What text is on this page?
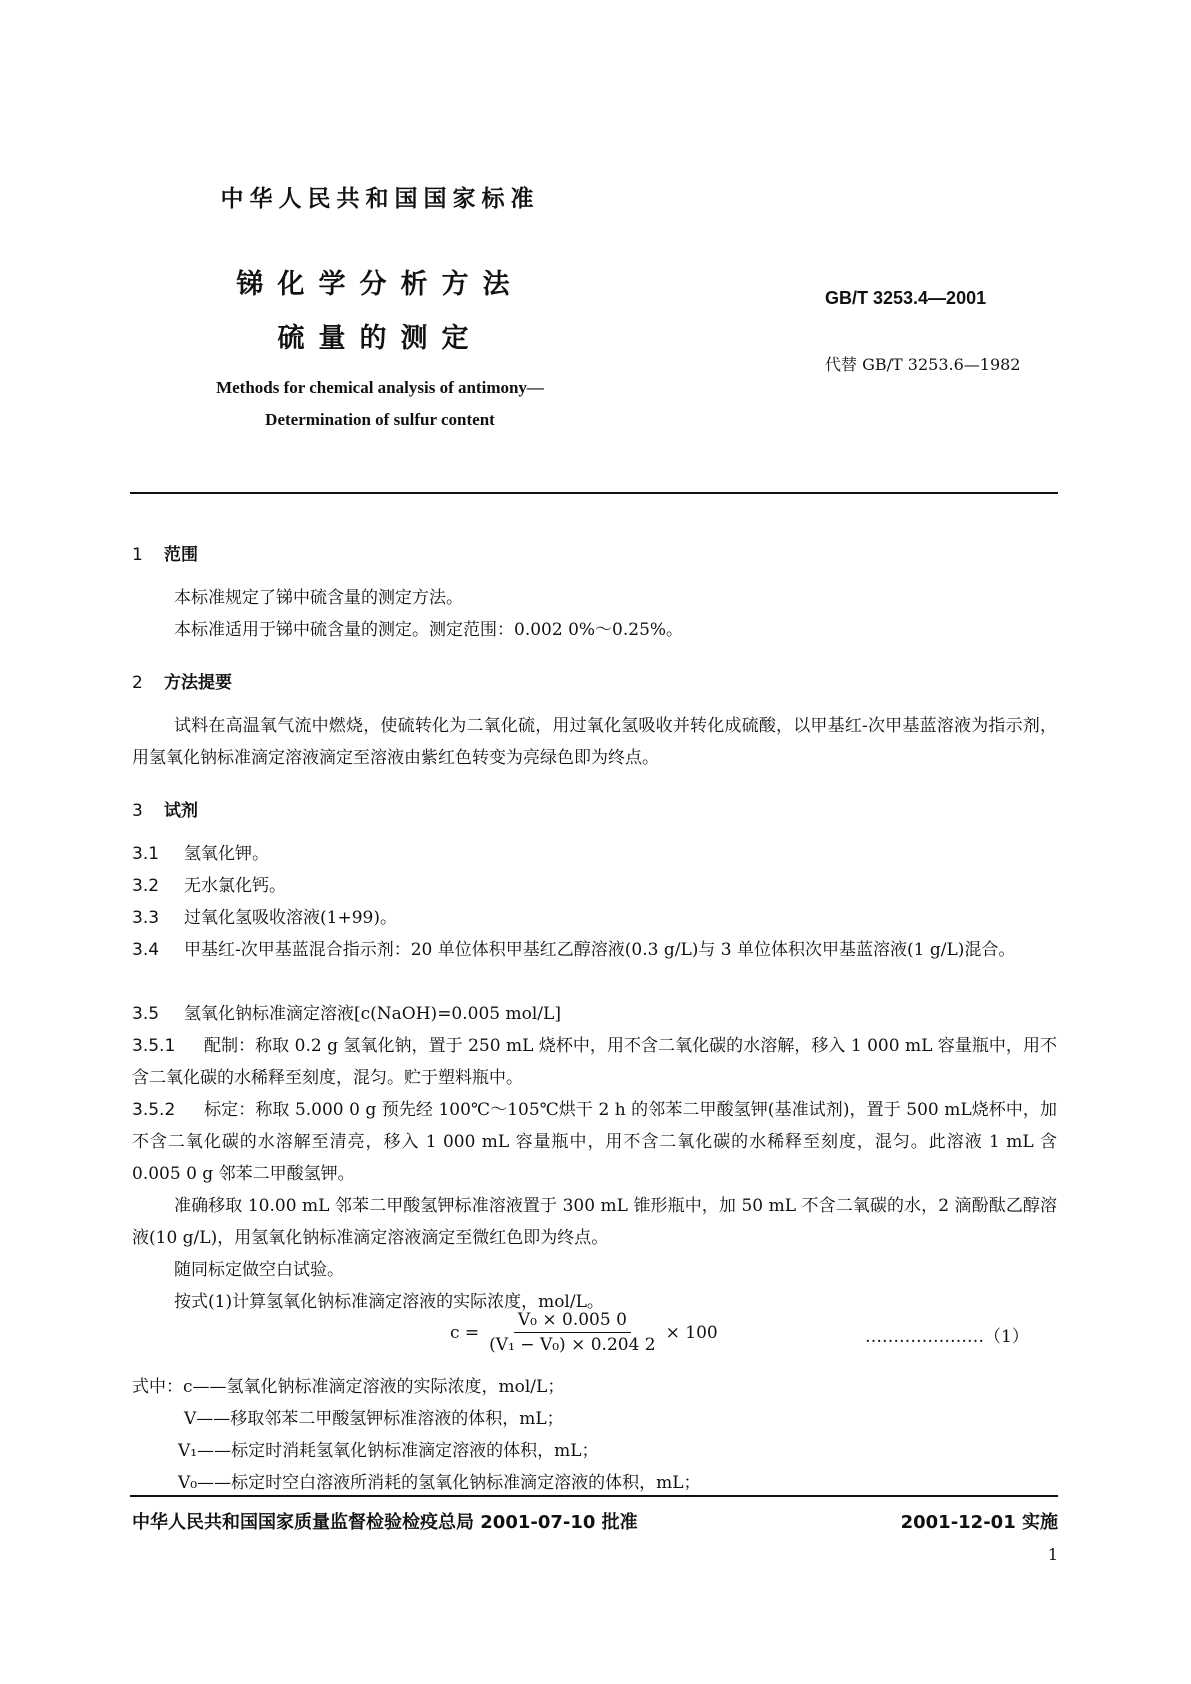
中华人民共和国国家标准
锑化学分析方法
硫量的测定
Methods for chemical analysis of antimony—
Determination of sulfur content
GB/T 3253.4—2001
代替 GB/T 3253.6—1982
1 范围
本标准规定了锑中硫含量的测定方法。
本标准适用于锑中硫含量的测定。测定范围：0.002 0%～0.25%。
2 方法提要
试料在高温氧气流中燃烧，使硫转化为二氧化硫，用过氧化氢吸收并转化成硫酸，以甲基红-次甲基蓝溶液为指示剂，用氢氧化钠标准滴定溶液滴定至溶液由紫红色转变为亮绿色即为终点。
3 试剂
3.1 氢氧化钾。
3.2 无水氯化钙。
3.3 过氧化氢吸收溶液(1+99)。
3.4 甲基红-次甲基蓝混合指示剂：20 单位体积甲基红乙醇溶液(0.3 g/L)与 3 单位体积次甲基蓝溶液(1 g/L)混合。
3.5 氢氧化钠标准滴定溶液[c(NaOH)=0.005 mol/L]
3.5.1 配制：称取 0.2 g 氢氧化钠，置于 250 mL 烧杯中，用不含二氧化碳的水溶解，移入 1 000 mL 容量瓶中，用不含二氧化碳的水稀释至刻度，混匀。贮于塑料瓶中。
3.5.2 标定：称取 5.000 0 g 预先经 100℃～105℃烘干 2 h 的邻苯二甲酸氢钾(基准试剂)，置于 500 mL烧杯中，加不含二氧化碳的水溶解至清亮，移入 1 000 mL 容量瓶中，用不含二氧化碳的水稀释至刻度，混匀。此溶液 1 mL 含 0.005 0 g 邻苯二甲酸氢钾。
准确移取 10.00 mL 邻苯二甲酸氢钾标准溶液置于 300 mL 锥形瓶中，加 50 mL 不含二氧碳的水，2 滴酚酞乙醇溶液(10 g/L)，用氢氧化钠标准滴定溶液滴定至微红色即为终点。
随同标定做空白试验。
按式(1)计算氢氧化钠标准滴定溶液的实际浓度，mol/L。
$c = \frac{\text{V₀ × 0.005 0}}{\text{(V₁ − V₀) × 0.204 2}} \times 100$	…………………（1）
式中：c——氢氧化钠标准滴定溶液的实际浓度，mol/L；
V——移取邻苯二甲酸氢钾标准溶液的体积，mL；
V₁——标定时消耗氢氧化钠标准滴定溶液的体积，mL；
V₀——标定时空白溶液所消耗的氢氧化钠标准滴定溶液的体积，mL；
中华人民共和国国家质量监督检验检疫总局 2001-07-10 批准	2001-12-01 实施
1
